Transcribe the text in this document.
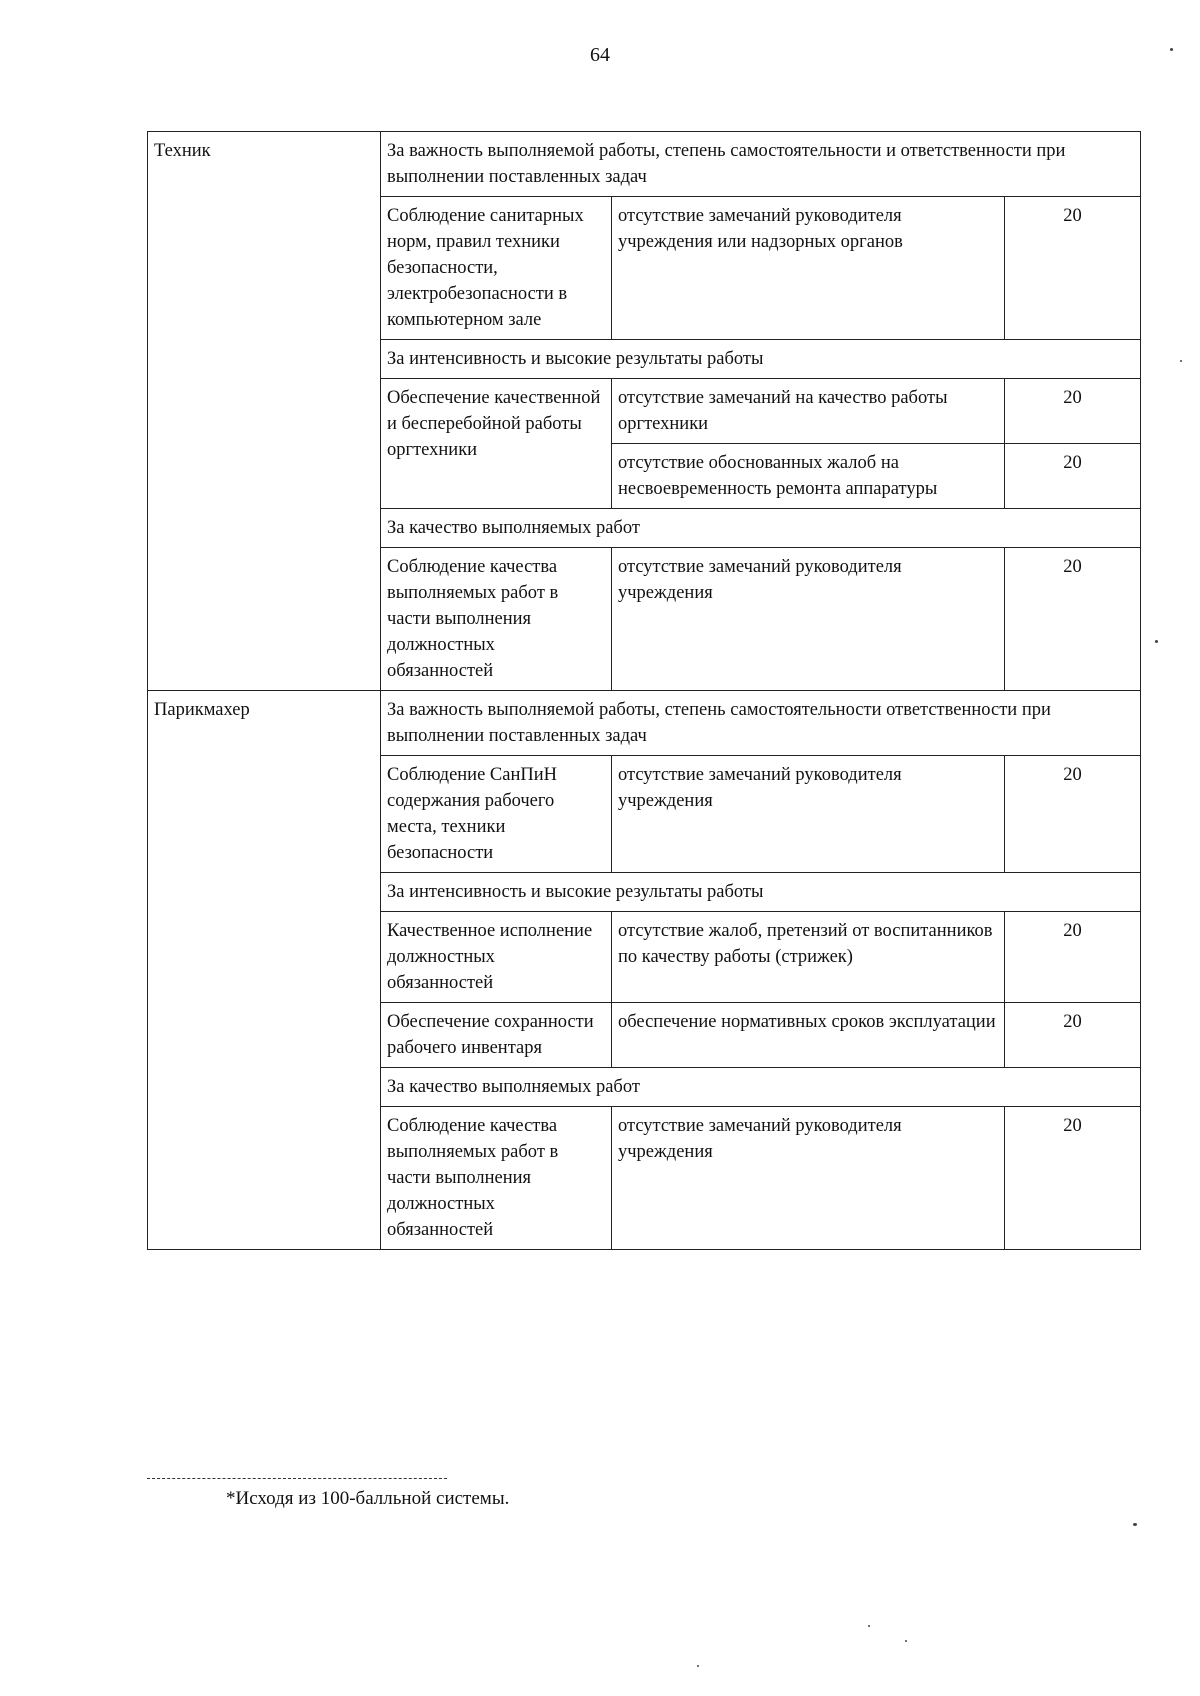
64
Техник	За важность выполняемой работы, степень самостоятельности и ответственности при выполнении поставленных задач		
	Соблюдение санитарных норм, правил техники безопасности, электробезопасности в компьютерном зале	отсутствие замечаний руководителя учреждения или надзорных органов	20
	За интенсивность и высокие результаты работы		
	Обеспечение качественной и бесперебойной работы оргтехники	отсутствие замечаний на качество работы оргтехники	20
		отсутствие обоснованных жалоб на несвоевременность ремонта аппаратуры	20
	За качество выполняемых работ		
	Соблюдение качества выполняемых работ в части выполнения должностных обязанностей	отсутствие замечаний руководителя учреждения	20
Парикмахер	За важность выполняемой работы, степень самостоятельности ответственности при выполнении поставленных задач		
	Соблюдение СанПиН содержания рабочего места, техники безопасности	отсутствие замечаний руководителя учреждения	20
	За интенсивность и высокие результаты работы		
	Качественное исполнение должностных обязанностей	отсутствие жалоб, претензий от воспитанников по качеству работы (стрижек)	20
	Обеспечение сохранности рабочего инвентаря	обеспечение нормативных сроков эксплуатации	20
	За качество выполняемых работ		
	Соблюдение качества выполняемых работ в части выполнения должностных обязанностей	отсутствие замечаний руководителя учреждения	20
*Исходя из 100-балльной системы.
